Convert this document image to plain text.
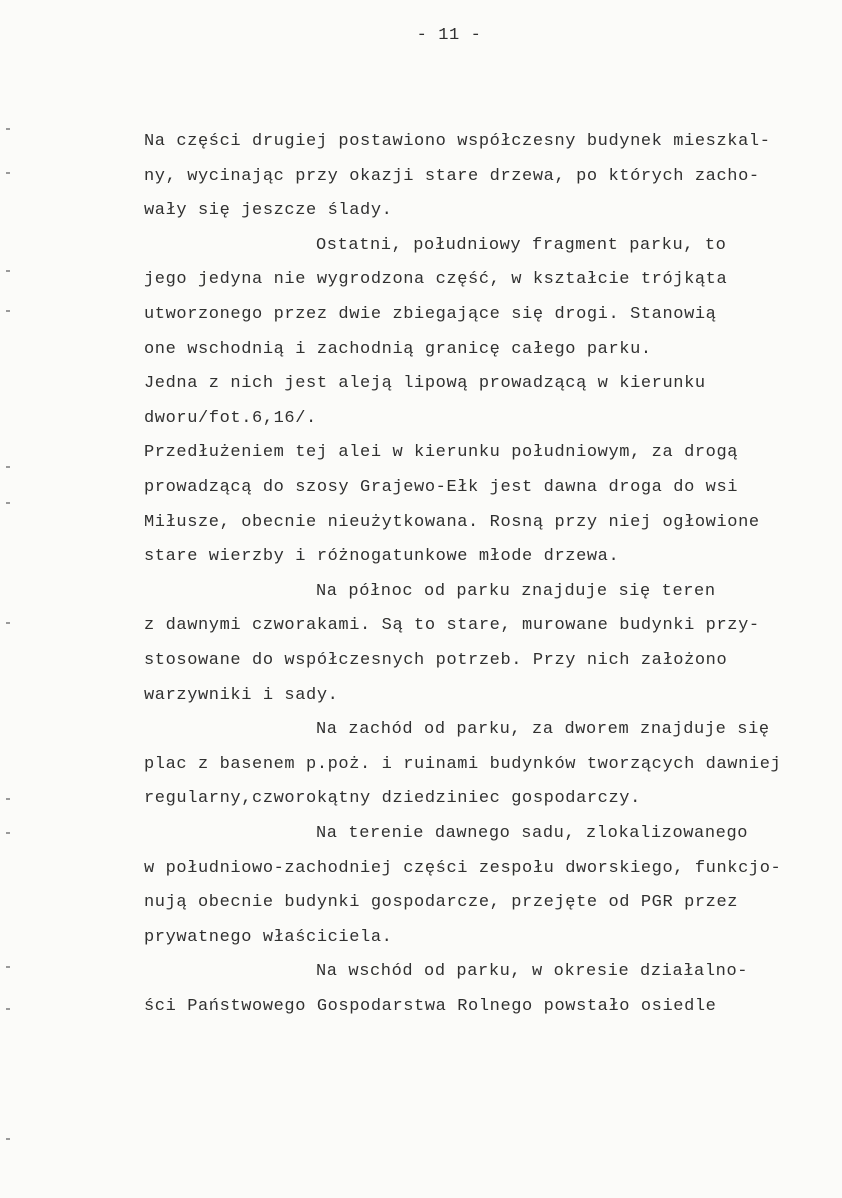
- 11 -
Na części drugiej postawiono współczesny budynek mieszkal-
ny, wycinając przy okazji stare drzewa, po których zacho-
wały się jeszcze ślady.
Ostatni, południowy fragment parku, to
jego jedyna nie wygrodzona część, w kształcie trójkąta
utworzonego przez dwie zbiegające się drogi. Stanowią
one wschodnią i zachodnią granicę całego parku.
Jedna z nich jest aleją lipową prowadzącą w kierunku
dworu/fot.6,16/.
Przedłużeniem tej alei w kierunku południowym, za drogą
prowadzącą do szosy Grajewo-Ełk jest dawna droga do wsi
Miłusze, obecnie nieużytkowana. Rosną przy niej ogłowione
stare wierzby i różnogatunkowe młode drzewa.
Na północ od parku znajduje się teren
z dawnymi czworakami. Są to stare, murowane budynki przy-
stosowane do współczesnych potrzeb. Przy nich założono
warzywniki i sady.
Na zachód od parku, za dworem znajduje się
plac z basenem p.poż. i ruinami budynków tworzących dawniej
regularny,czworokątny dziedziniec gospodarczy.
Na terenie dawnego sadu, zlokalizowanego
w południowo-zachodniej części zespołu dworskiego, funkcjo-
nują obecnie budynki gospodarcze, przejęte od PGR przez
prywatnego właściciela.
Na wschód od parku, w okresie działalno-
ści Państwowego Gospodarstwa Rolnego powstało osiedle
